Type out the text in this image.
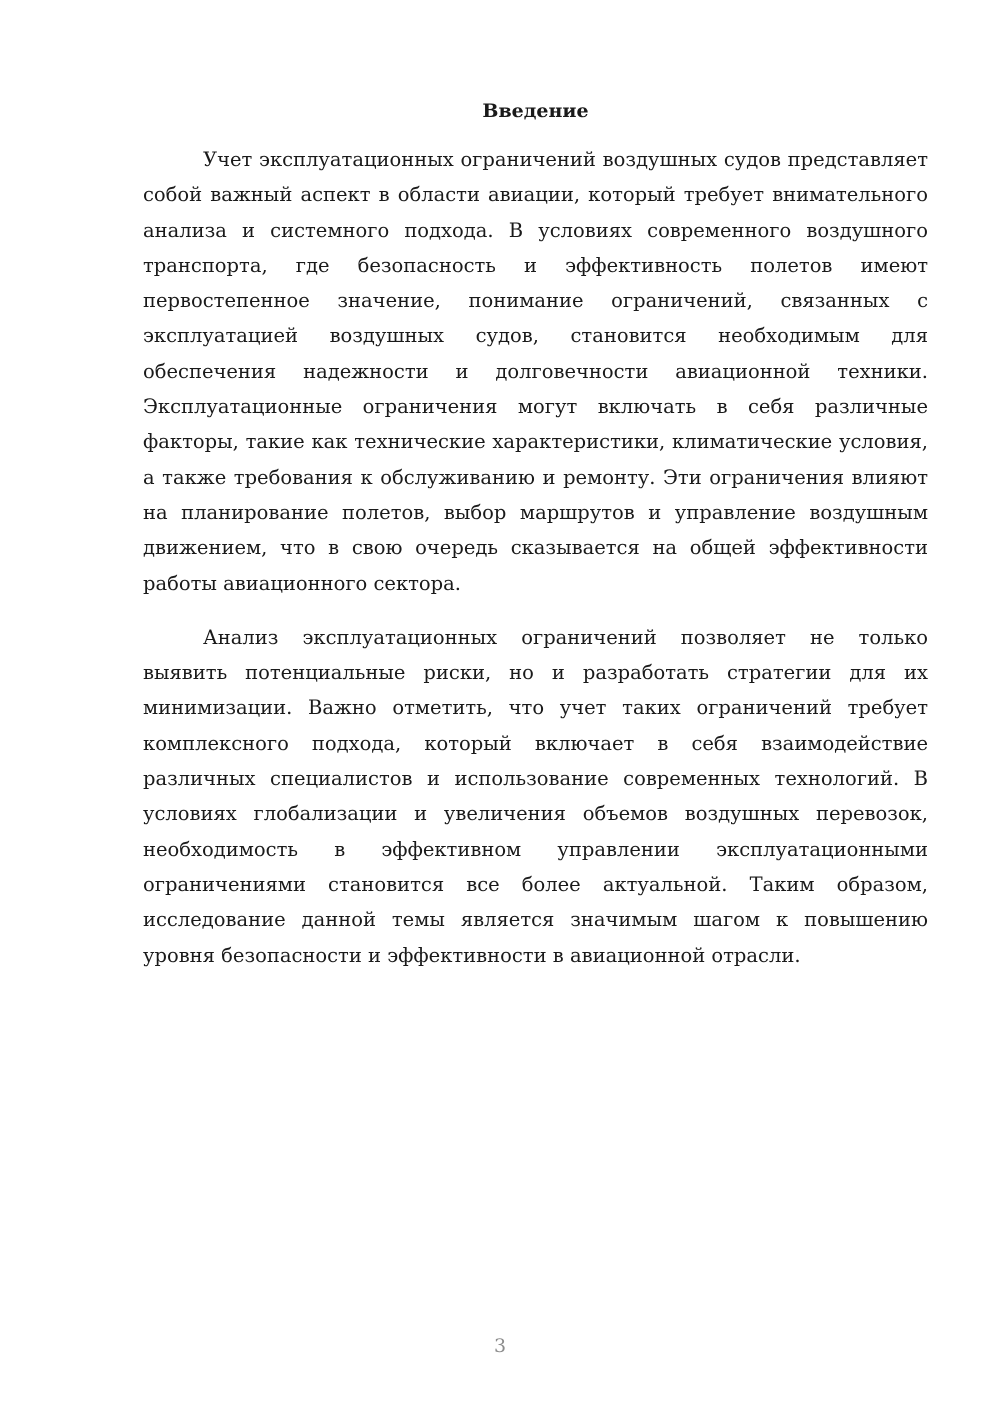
Введение

Учет эксплуатационных ограничений воздушных судов представляет собой важный аспект в области авиации, который требует внимательного анализа и системного подхода. В условиях современного воздушного транспорта, где безопасность и эффективность полетов имеют первостепенное значение, понимание ограничений, связанных с эксплуатацией воздушных судов, становится необходимым для обеспечения надежности и долговечности авиационной техники. Эксплуатационные ограничения могут включать в себя различные факторы, такие как технические характеристики, климатические условия, а также требования к обслуживанию и ремонту. Эти ограничения влияют на планирование полетов, выбор маршрутов и управление воздушным движением, что в свою очередь сказывается на общей эффективности работы авиационного сектора.

Анализ эксплуатационных ограничений позволяет не только выявить потенциальные риски, но и разработать стратегии для их минимизации. Важно отметить, что учет таких ограничений требует комплексного подхода, который включает в себя взаимодействие различных специалистов и использование современных технологий. В условиях глобализации и увеличения объемов воздушных перевозок, необходимость в эффективном управлении эксплуатационными ограничениями становится все более актуальной. Таким образом, исследование данной темы является значимым шагом к повышению уровня безопасности и эффективности в авиационной отрасли.

3
